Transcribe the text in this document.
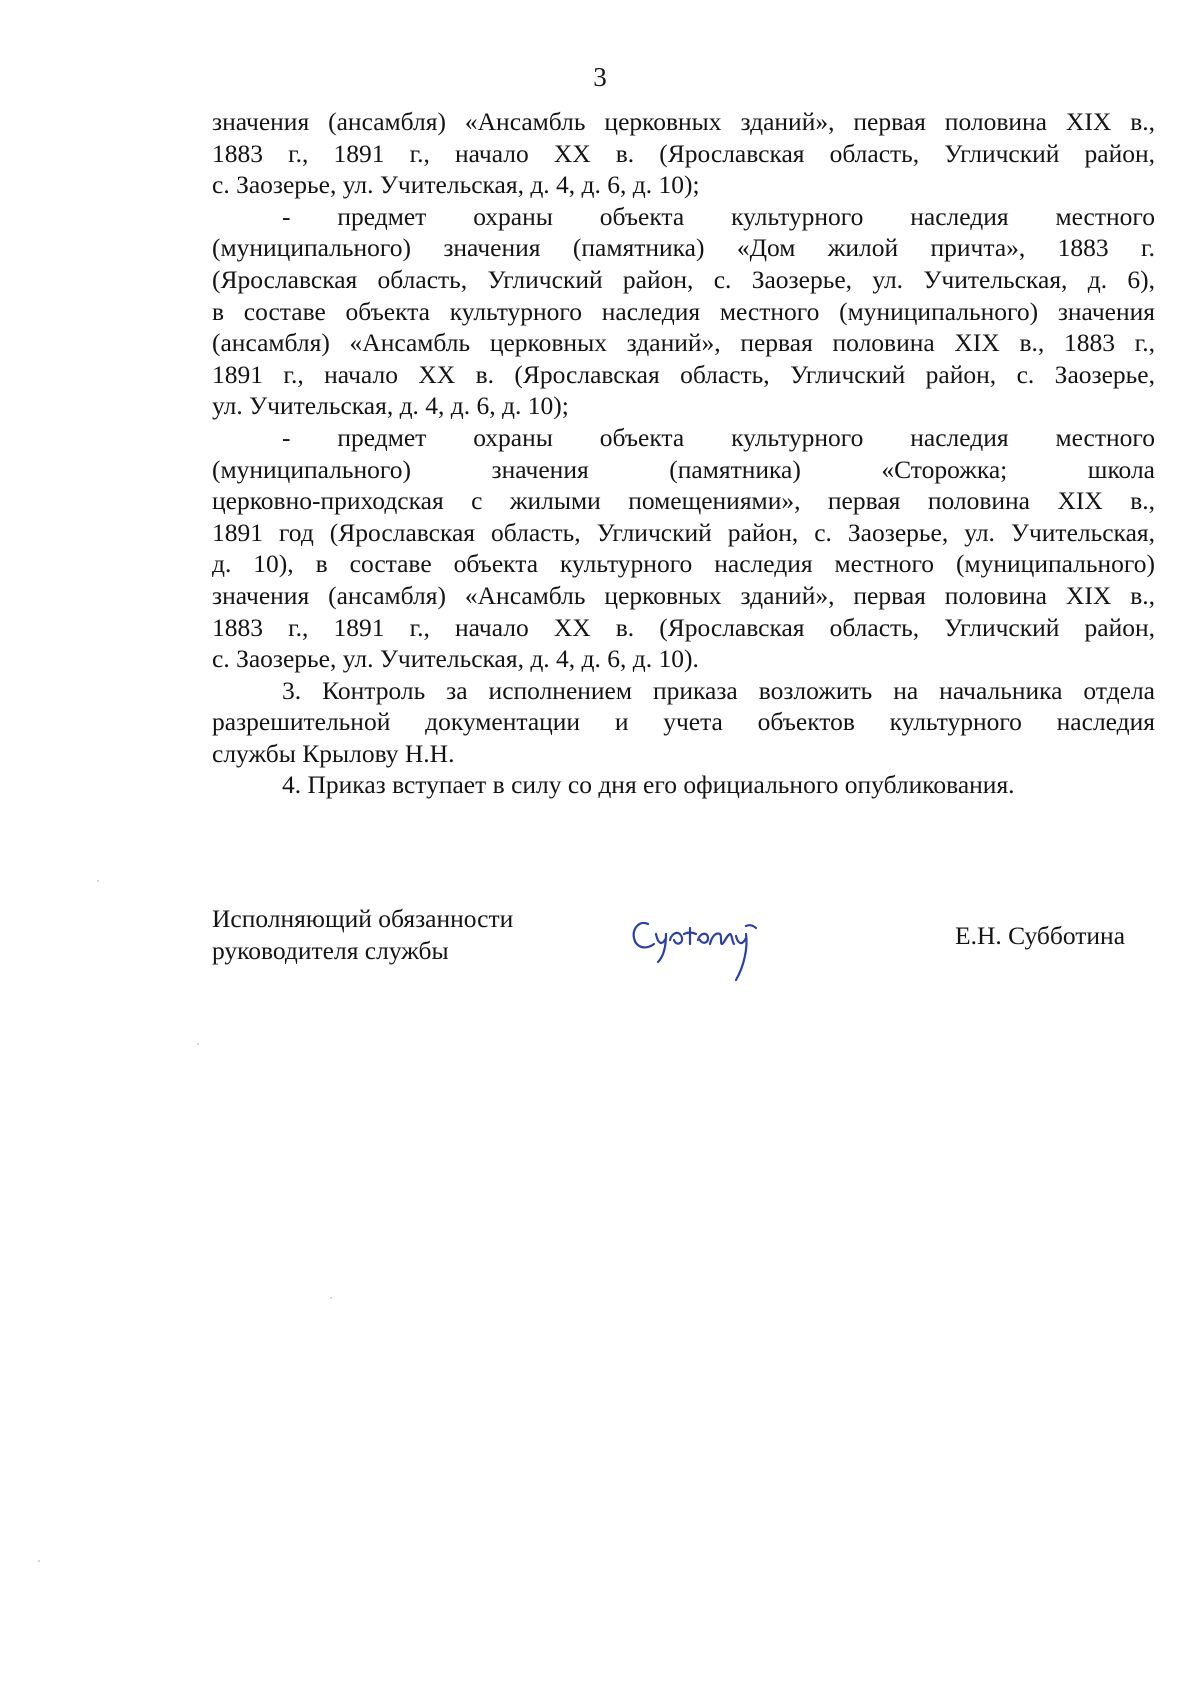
3
значения (ансамбля) «Ансамбль церковных зданий», первая половина XIX в.,
1883 г., 1891 г., начало XX в. (Ярославская область, Угличский район,
с. Заозерье, ул. Учительская, д. 4, д. 6, д. 10);
- предмет охраны объекта культурного наследия местного
(муниципального) значения (памятника) «Дом жилой причта», 1883 г.
(Ярославская область, Угличский район, с. Заозерье, ул. Учительская, д. 6),
в составе объекта культурного наследия местного (муниципального) значения
(ансамбля) «Ансамбль церковных зданий», первая половина XIX в., 1883 г.,
1891 г., начало XX в. (Ярославская область, Угличский район, с. Заозерье,
ул. Учительская, д. 4, д. 6, д. 10);
- предмет охраны объекта культурного наследия местного
(муниципального) значения (памятника) «Сторожка; школа
церковно-приходская с жилыми помещениями», первая половина XIX в.,
1891 год (Ярославская область, Угличский район, с. Заозерье, ул. Учительская,
д. 10), в составе объекта культурного наследия местного (муниципального)
значения (ансамбля) «Ансамбль церковных зданий», первая половина XIX в.,
1883 г., 1891 г., начало XX в. (Ярославская область, Угличский район,
с. Заозерье, ул. Учительская, д. 4, д. 6, д. 10).
3. Контроль за исполнением приказа возложить на начальника отдела
разрешительной документации и учета объектов культурного наследия
службы Крылову Н.Н.
4. Приказ вступает в силу со дня его официального опубликования.
Исполняющий обязанности
руководителя службы
Е.Н. Субботина
